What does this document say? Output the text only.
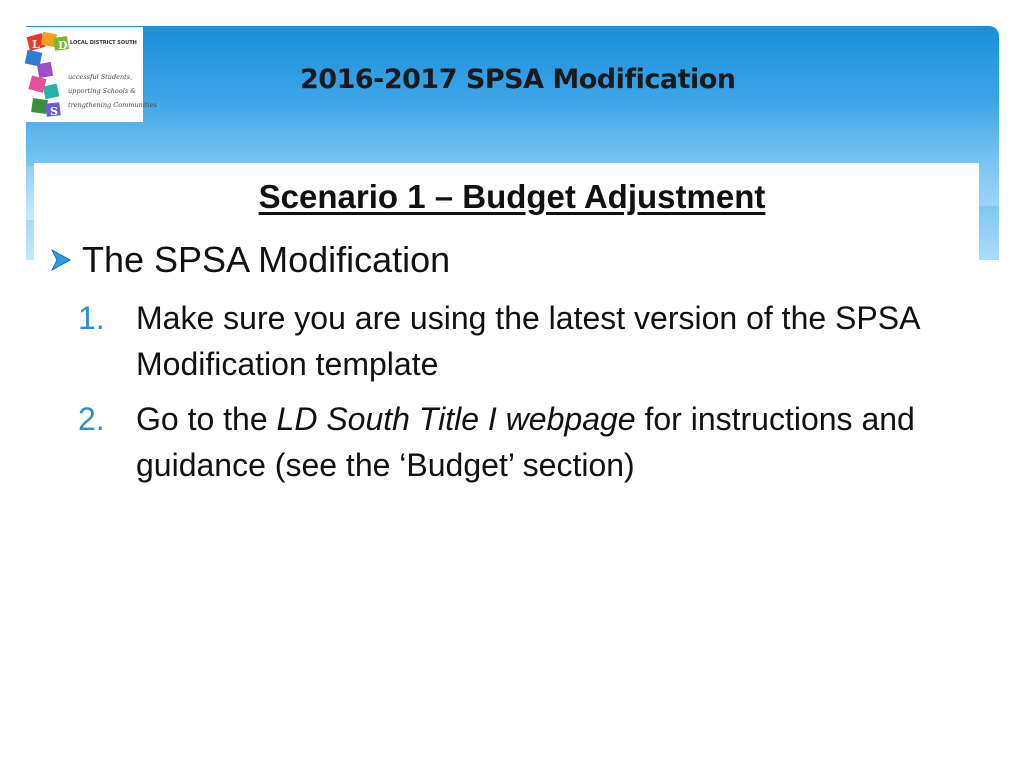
L D
S
LOCAL DISTRICT SOUTH
uccessful Students,
upporting Schools &
trengthening Communities
2016-2017 SPSA Modification
Scenario 1 – Budget Adjustment
The SPSA Modification
1. Make sure you are using the latest version of the SPSA Modification template
2. Go to the LD South Title I webpage for instructions and guidance (see the ‘Budget’ section)
